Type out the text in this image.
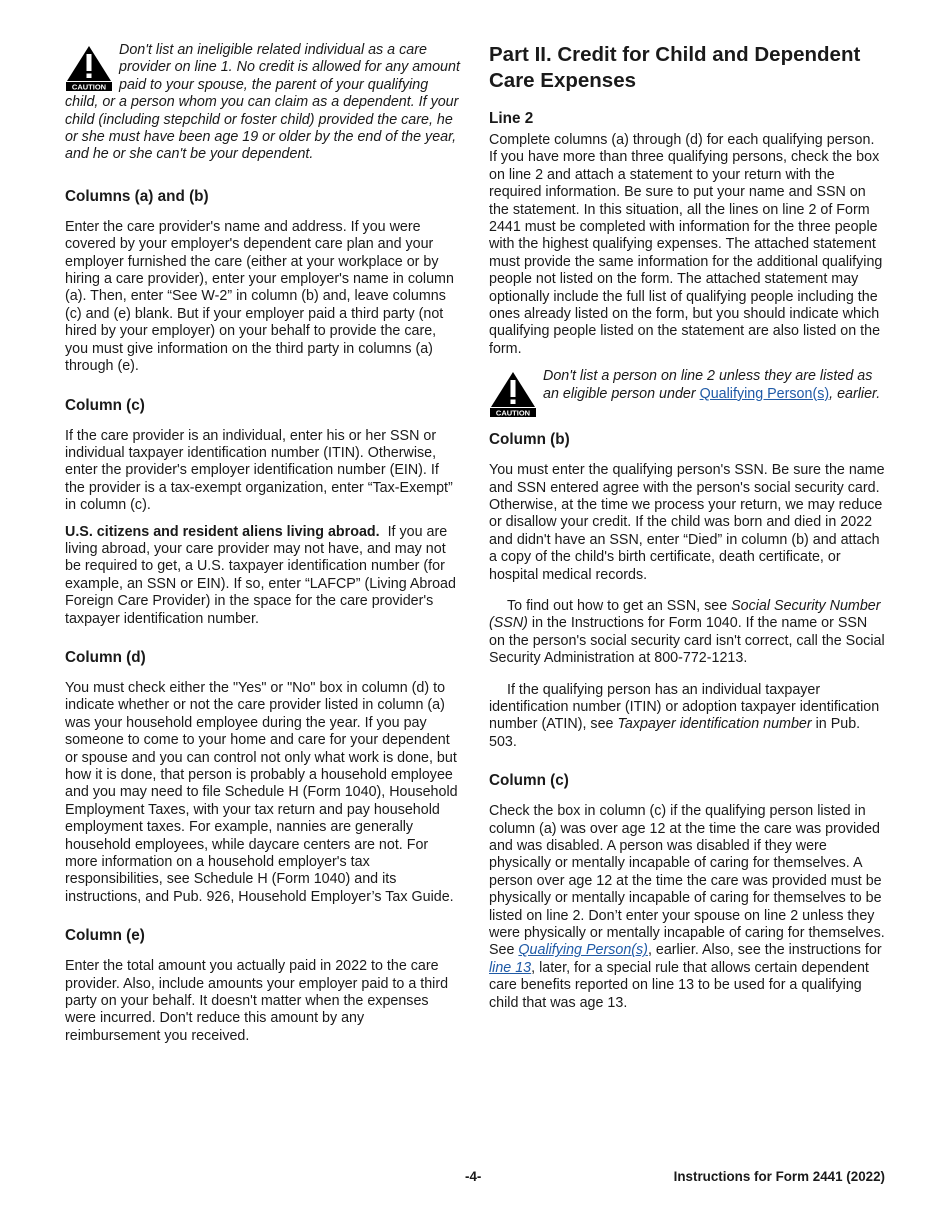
CAUTION

Don't list an ineligible related individual as a care provider on line 1. No credit is allowed for any amount paid to your spouse, the parent of your qualifying child, or a person whom you can claim as a dependent. If your child (including stepchild or foster child) provided the care, he or she must have been age 19 or older by the end of the year, and he or she can't be your dependent.

Columns (a) and (b)

Enter the care provider's name and address. If you were covered by your employer's dependent care plan and your employer furnished the care (either at your workplace or by hiring a care provider), enter your employer's name in column (a). Then, enter “See W-2” in column (b) and, leave columns (c) and (e) blank. But if your employer paid a third party (not hired by your employer) on your behalf to provide the care, you must give information on the third party in columns (a) through (e).

Column (c)

If the care provider is an individual, enter his or her SSN or individual taxpayer identification number (ITIN). Otherwise, enter the provider's employer identification number (EIN). If the provider is a tax-exempt organization, enter “Tax-Exempt” in column (c).

U.S. citizens and resident aliens living abroad. If you are living abroad, your care provider may not have, and may not be required to get, a U.S. taxpayer identification number (for example, an SSN or EIN). If so, enter “LAFCP” (Living Abroad Foreign Care Provider) in the space for the care provider's taxpayer identification number.

Column (d)

You must check either the "Yes" or "No" box in column (d) to indicate whether or not the care provider listed in column (a) was your household employee during the year. If you pay someone to come to your home and care for your dependent or spouse and you can control not only what work is done, but how it is done, that person is probably a household employee and you may need to file Schedule H (Form 1040), Household Employment Taxes, with your tax return and pay household employment taxes. For example, nannies are generally household employees, while daycare centers are not. For more information on a household employer's tax responsibilities, see Schedule H (Form 1040) and its instructions, and Pub. 926, Household Employer’s Tax Guide.

Column (e)

Enter the total amount you actually paid in 2022 to the care provider. Also, include amounts your employer paid to a third party on your behalf. It doesn't matter when the expenses were incurred. Don't reduce this amount by any reimbursement you received.

Part II. Credit for Child and Dependent Care Expenses
Line 2

Complete columns (a) through (d) for each qualifying person. If you have more than three qualifying persons, check the box on line 2 and attach a statement to your return with the required information. Be sure to put your name and SSN on the statement. In this situation, all the lines on line 2 of Form 2441 must be completed with information for the three people with the highest qualifying expenses. The attached statement must provide the same information for the additional qualifying people not listed on the form. The attached statement may optionally include the full list of qualifying people including the ones already listed on the form, but you should indicate which qualifying people listed on the statement are also listed on the form.

CAUTION

Don't list a person on line 2 unless they are listed as an eligible person under Qualifying Person(s), earlier.

Column (b)

You must enter the qualifying person's SSN. Be sure the name and SSN entered agree with the person's social security card. Otherwise, at the time we process your return, we may reduce or disallow your credit. If the child was born and died in 2022 and didn't have an SSN, enter “Died” in column (b) and attach a copy of the child's birth certificate, death certificate, or hospital medical records.

To find out how to get an SSN, see Social Security Number (SSN) in the Instructions for Form 1040. If the name or SSN on the person's social security card isn't correct, call the Social Security Administration at 800-772-1213.

If the qualifying person has an individual taxpayer identification number (ITIN) or adoption taxpayer identification number (ATIN), see Taxpayer identification number in Pub. 503.

Column (c)

Check the box in column (c) if the qualifying person listed in column (a) was over age 12 at the time the care was provided and was disabled. A person was disabled if they were physically or mentally incapable of caring for themselves. A person over age 12 at the time the care was provided must be physically or mentally incapable of caring for themselves to be listed on line 2. Don’t enter your spouse on line 2 unless they were physically or mentally incapable of caring for themselves. See Qualifying Person(s), earlier. Also, see the instructions for line 13, later, for a special rule that allows certain dependent care benefits reported on line 13 to be used for a qualifying child that was age 13.

-4-	Instructions for Form 2441 (2022)
